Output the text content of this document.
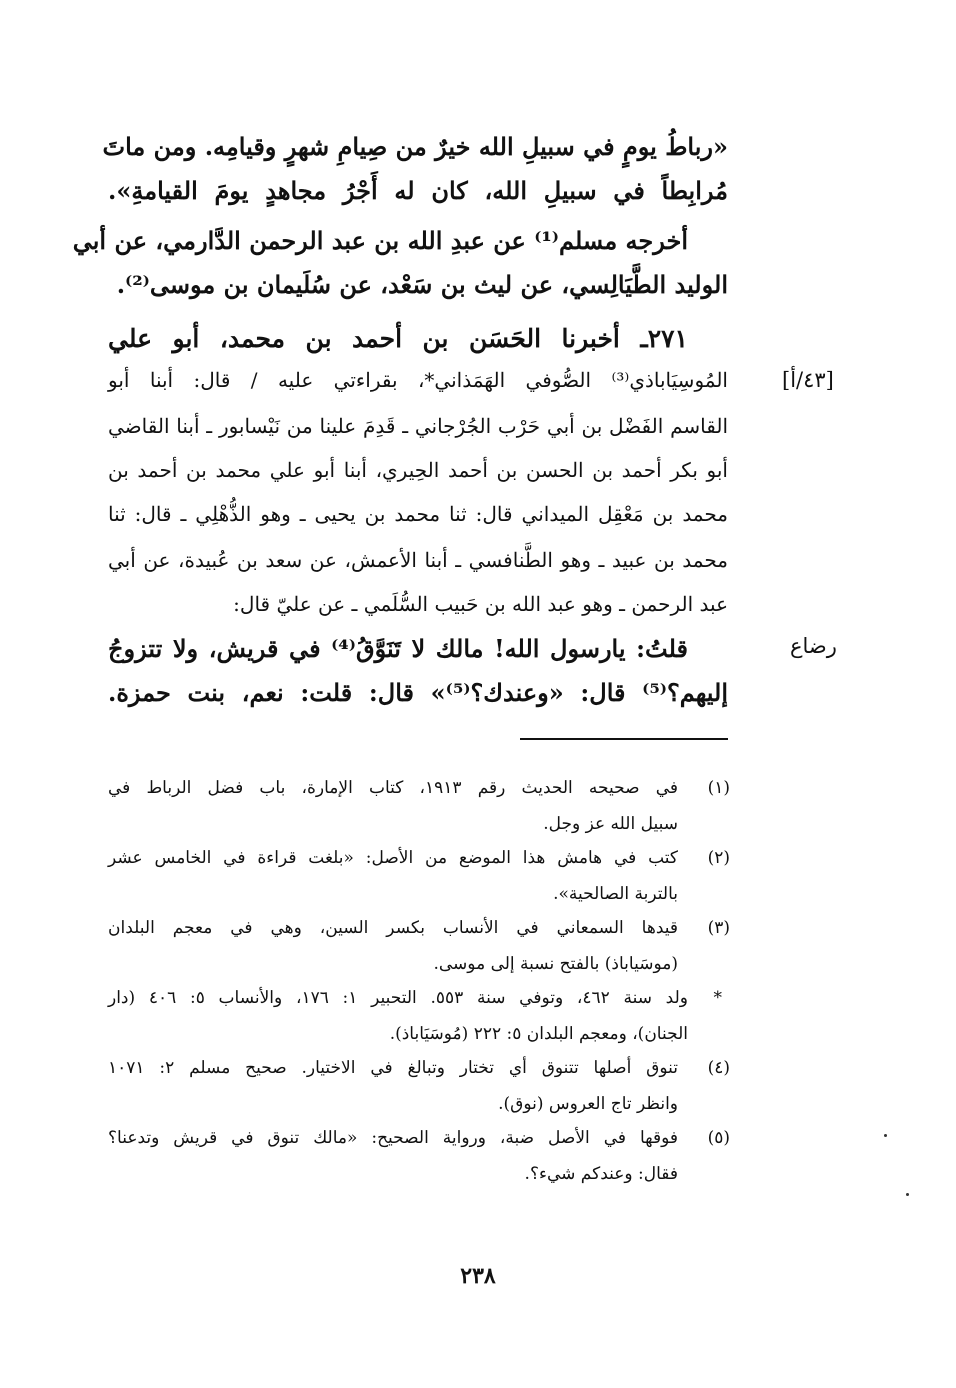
«رباطُ يومٍ في سبيلِ الله خيرٌ من صِيامِ شهرٍ وقيامِه. ومن ماتَ
مُرابِطاً في سبيلِ الله، كان له أَجْرُ مجاهدٍ يومَ القيامةِ».
أخرجه مسلم⁽¹⁾ عن عبدِ الله بن عبد الرحمن الدَّارمي، عن أبي
الوليد الطَّيَالِسي، عن ليث بن سَعْد، عن سُلَيمان بن موسى⁽²⁾.
٢٧١ـ أخبرنا الحَسَن بن أحمد بن محمد، أبو علي
المُوسِيَاباذي⁽³⁾ الصُّوفي الهَمَذاني*، بقراءتي عليه / قال: أبنا أبو
القاسم الفَضْل بن أبي حَرْب الجُرْجاني ـ قَدِمَ علينا من نَيْسابور ـ أبنا القاضي
أبو بكر أحمد بن الحسن بن أحمد الحِيري، أبنا أبو علي محمد بن أحمد بن
محمد بن مَعْقِل الميداني قال: ثنا محمد بن يحيى ـ وهو الذُّهْلِي ـ قال: ثنا
محمد بن عبيد ـ وهو الطَّنافسي ـ أبنا الأعمش، عن سعد بن عُبيدة، عن أبي
عبد الرحمن ـ وهو عبد الله بن حَبيب السُّلَمي ـ عن عليّ قال:
قلتُ: يارسول الله! مالك لا تَنَوَّقُ⁽⁴⁾ في قريش، ولا تتزوجُ
إليهم؟⁽⁵⁾ قال: «وعندك؟⁽⁵⁾» قال: قلت: نعم، بنت حمزة.
[٤٣/أ]
رضاع
(١)
في صحيحه الحديث رقم ١٩١٣، كتاب الإمارة، باب فضل الرباط في
سبيل الله عز وجل.
(٢)
كتب في هامش هذا الموضع من الأصل: «بلغت قراءة في الخامس عشر
بالتربة الصالحية».
(٣)
قيدها السمعاني في الأنساب بكسر السين، وهي في معجم البلدان
(موسَياباذ) بالفتح نسبة إلى موسى.
*
ولد سنة ٤٦٢، وتوفي سنة ٥٥٣. التحبير ١: ١٧٦، والأنساب ٥: ٤٠٦ (دار
الجنان)، ومعجم البلدان ٥: ٢٢٢ (مُوسَيَاباذ).
(٤)
تنوق أصلها تتنوق أي تختار وتبالغ في الاختيار. صحيح مسلم ٢: ١٠٧١
وانظر تاج العروس (نوق).
(٥)
فوقها في الأصل ضبة، ورواية الصحيح: «مالك تنوق في قريش وتدعنا؟
فقال: وعندكم شيء؟.
٢٣٨
